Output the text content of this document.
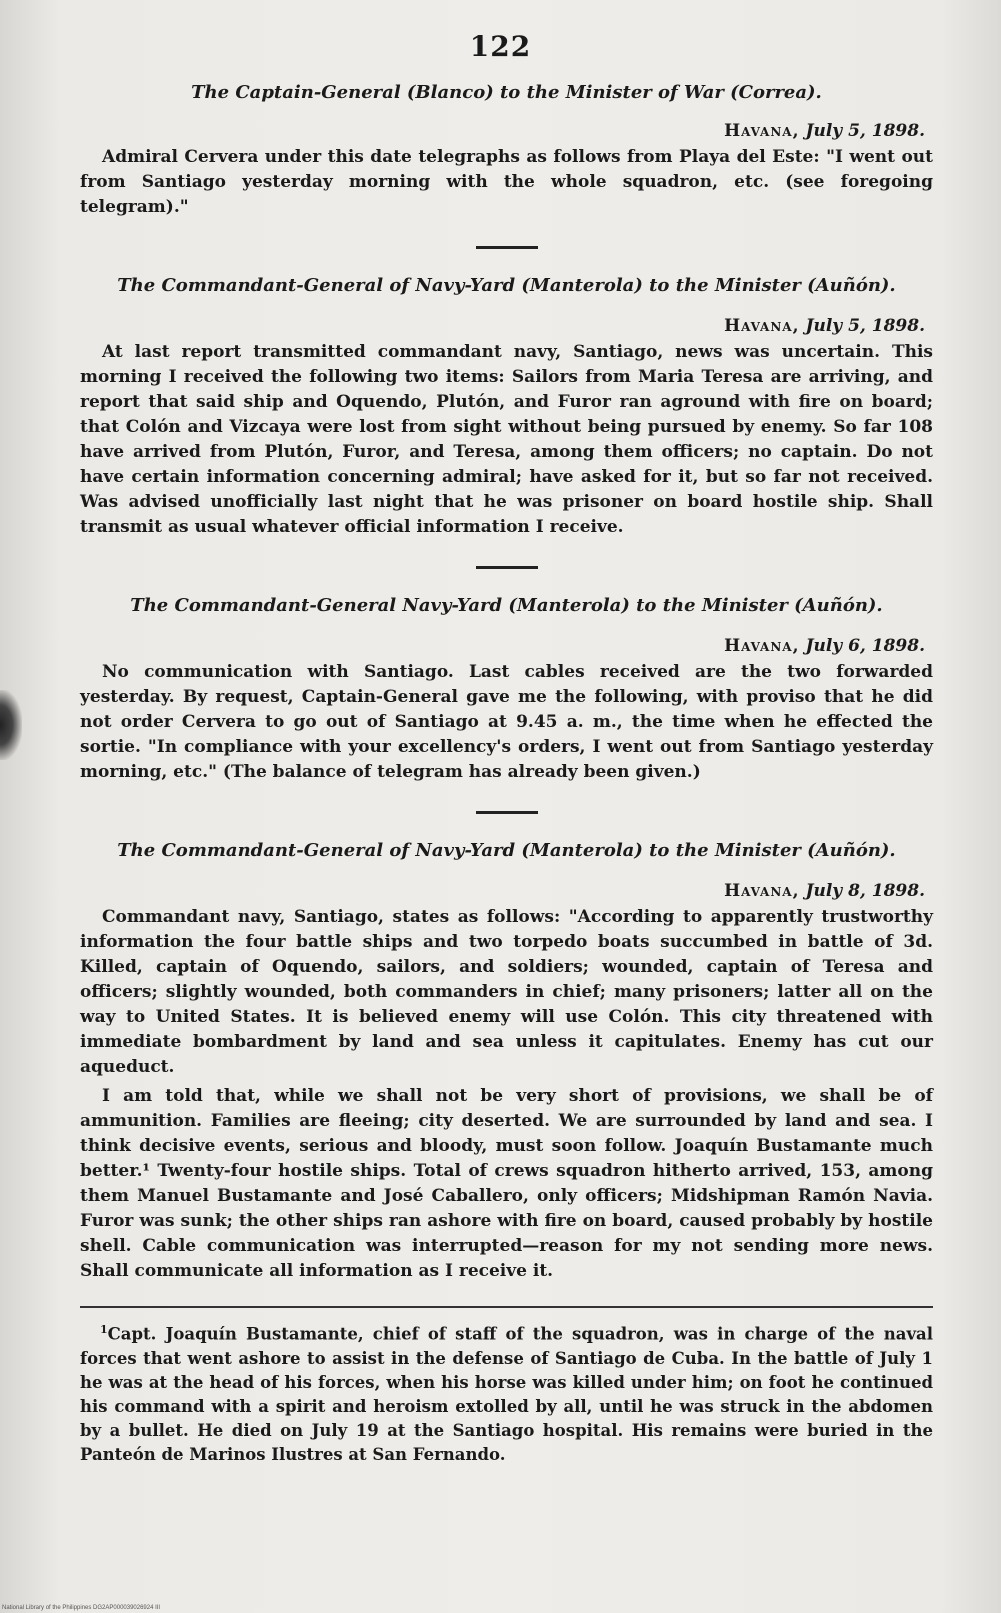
122

The Captain-General (Blanco) to the Minister of War (Correa).

Havana, July 5, 1898.

Admiral Cervera under this date telegraphs as follows from Playa del Este: "I went out from Santiago yesterday morning with the whole squadron, etc. (see foregoing telegram)."

The Commandant-General of Navy-Yard (Manterola) to the Minister (Auñón).

Havana, July 5, 1898.

At last report transmitted commandant navy, Santiago, news was uncertain. This morning I received the following two items: Sailors from Maria Teresa are arriving, and report that said ship and Oquendo, Plutón, and Furor ran aground with fire on board; that Colón and Vizcaya were lost from sight without being pursued by enemy. So far 108 have arrived from Plutón, Furor, and Teresa, among them officers; no captain. Do not have certain information concerning admiral; have asked for it, but so far not received. Was advised unofficially last night that he was prisoner on board hostile ship. Shall transmit as usual whatever official information I receive.

The Commandant-General Navy-Yard (Manterola) to the Minister (Auñón).

Havana, July 6, 1898.

No communication with Santiago. Last cables received are the two forwarded yesterday. By request, Captain-General gave me the following, with proviso that he did not order Cervera to go out of Santiago at 9.45 a. m., the time when he effected the sortie. "In compliance with your excellency's orders, I went out from Santiago yesterday morning, etc." (The balance of telegram has already been given.)

The Commandant-General of Navy-Yard (Manterola) to the Minister (Auñón).

Havana, July 8, 1898.

Commandant navy, Santiago, states as follows: "According to apparently trustworthy information the four battle ships and two torpedo boats succumbed in battle of 3d. Killed, captain of Oquendo, sailors, and soldiers; wounded, captain of Teresa and officers; slightly wounded, both commanders in chief; many prisoners; latter all on the way to United States. It is believed enemy will use Colón. This city threatened with immediate bombardment by land and sea unless it capitulates. Enemy has cut our aqueduct.

I am told that, while we shall not be very short of provisions, we shall be of ammunition. Families are fleeing; city deserted. We are surrounded by land and sea. I think decisive events, serious and bloody, must soon follow. Joaquín Bustamante much better.¹ Twenty-four hostile ships. Total of crews squadron hitherto arrived, 153, among them Manuel Bustamante and José Caballero, only officers; Midshipman Ramón Navia. Furor was sunk; the other ships ran ashore with fire on board, caused probably by hostile shell. Cable communication was interrupted—reason for my not sending more news. Shall communicate all information as I receive it.

$^1$Capt. Joaquín Bustamante, chief of staff of the squadron, was in charge of the naval forces that went ashore to assist in the defense of Santiago de Cuba. In the battle of July 1 he was at the head of his forces, when his horse was killed under him; on foot he continued his command with a spirit and heroism extolled by all, until he was struck in the abdomen by a bullet. He died on July 19 at the Santiago hospital. His remains were buried in the Panteón de Marinos Ilustres at San Fernando.

National Library of the Philippines DG2AP000039026924 III
